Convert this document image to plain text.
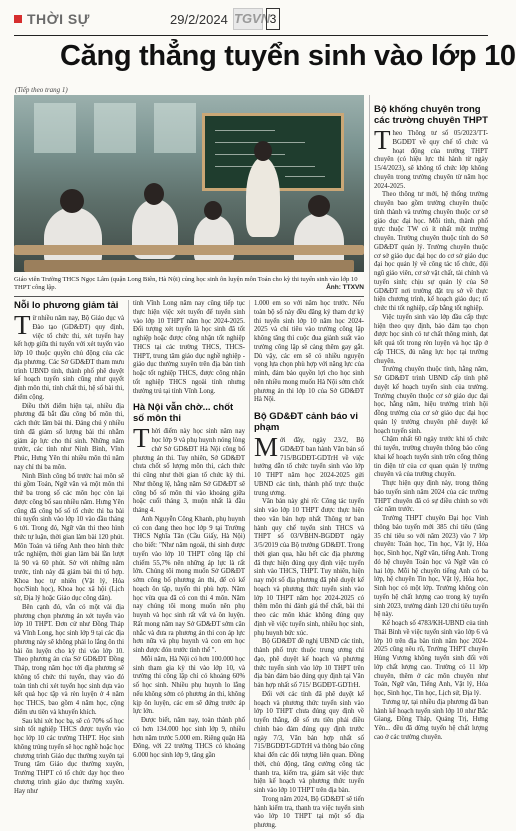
THỜI SỰ	29/2/2024 TGVN 3
Căng thẳng tuyển sinh vào lớp 10
(Tiếp theo trang 1)
Giáo viên Trường THCS Ngọc Lâm (quận Long Biên, Hà Nội) củng học sinh ôn luyện môn Toán cho kỳ thi tuyển sinh vào lớp 10 THPT công lập.	Ảnh: TTXVN
Nỗi lo phương giảm tải

Từ nhiều năm nay, Bộ Giáo dục và Đào tạo (GD&ĐT) quy định, việc tổ chức thi, xét tuyển hay kết hợp giữa thi tuyển với xét tuyển vào lớp 10 thuộc quyền chủ động của các địa phương. Các Sở GD&ĐT tham mưu trình UBND tỉnh, thành phố phê duyệt kế hoạch tuyển sinh cũng như quyết định môn thi, tính chất thi, hệ số bài thi, điểm cộng.

Điều thời điểm hiện tại, nhiều địa phương đã bắt đầu công bố môn thi, cách thức lâm bài thi. Đáng chú ý nhiều tỉnh đã giảm số lượng bài thi nhằm giảm áp lực cho thí sinh. Những năm trước, các tỉnh như Ninh Bình, Vĩnh Phúc, Hưng Yên thi nhiều môn thì năm nay chỉ thi ba môn.

Ninh Bình công bố trước hai môn sẽ thi gồm Toán, Ngữ văn và một môn thi thứ ba trong số các môn học còn lại được công bố sau nhiều năm. Hưng Yên cũng đã công bố số tổ chức thi ba bài thi tuyển sinh vào lớp 10 vào đầu tháng 6 tới. Trong đó, Ngữ văn thi theo hình thức tự luận, thời gian làm bài 120 phút. Môn Toán và tiếng Anh theo hình thức trắc nghiệm, thời gian làm bài lần lượt là 90 và 60 phút. Sở với những năm trước, tỉnh này đã giảm bài thi tổ hợp. Khoa học tự nhiên (Vật lý, Hóa học/Sinh học), Khoa học xã hội (Lịch sử, Địa lý hoặc Giáo dục công dân).

Bên cạnh đó, vẫn có một vài địa phương chọn phương án xét tuyển vào lớp 10 THPT. Đơn cử như Đồng Tháp và Vĩnh Long, học sinh lớp 9 tại các địa phương này sẽ không phải lo lắng ôn thi bài ôn luyện cho kỳ thi vào lớp 10. Theo phương án của Sở GD&ĐT Đồng Tháp, trong năm học tới địa phương sẽ không tổ chức thi tuyển, thay vào đó toàn tỉnh chỉ xét tuyển học sinh dựa vào kết quả học tập và rèn luyện ở 4 năm học THCS, bao gồm 4 năm học, cộng điểm ưu tiên và khuyến khích.

Sau khi xét học bạ, sẽ có 70% số học sinh tốt nghiệp THCS được tuyển vào học lớp 10 các trường THPT. Học sinh không trúng tuyển sẽ học nghề hoặc học chương trình Giáo dục thường xuyên tại Trung tâm Giáo dục thường xuyên, Trường THPT có tổ chức dạy học theo chương trình giáo dục thường xuyên. Hay như

tỉnh Vĩnh Long năm nay cũng tiếp tục thực hiện việc xét tuyển để tuyển sinh vào lớp 10 THPT năm học 2024-2025. Đối tượng xét tuyển là học sinh đã tốt nghiệp hoặc được công nhận tốt nghiệp THCS tại các trường THCS, THCS-THPT, trung tâm giáo dục nghề nghiệp - giáo dục thường xuyên trên địa bàn tỉnh hoặc tốt nghiệp THCS, được công nhận tốt nghiệp THCS ngoài tỉnh nhưng thường trú tại tỉnh Vĩnh Long.

Hà Nội vẫn chờ... chốt số môn thi

Thời điểm này học sinh năm nay học lớp 9 và phụ huynh nóng lòng chờ Sở GD&ĐT Hà Nội công bố phương án thi. Tuy nhiên, Sở GD&ĐT chưa chốt số lượng môn thi, cách thức thi cũng như thời gian tổ chức kỳ thi. Như thông lệ, hằng năm Sở GD&ĐT sẽ công bố số môn thi vào khoảng giữa hoặc cuối tháng 3, muộn nhất là đầu tháng 4.

Anh Nguyễn Công Khanh, phụ huynh có con đang theo học lớp 9 tại Trường THCS Nghĩa Tân (Cầu Giấy, Hà Nội) cho biết: "Như năm ngoái, thi sinh được tuyển vào lớp 10 THPT công lập chỉ chiếm 55,7% nên những áp lực là rất lớn. Chúng tôi mong muốn Sở GD&ĐT sớm công bố phương án thi, để có kế hoạch ôn tập, tuyển thi phù hợp. Năm học vừa qua đã có con thi 4 môn. Năm nay chúng tôi mong muốn nên phụ huynh và học sinh rất vất vả ôn luyện. Rất mong năm nay Sở GD&ĐT sớm cân nhắc và đưa ra phương án thi con áp lực hơn nữa và phụ huynh và con em học sinh được đón trước tình thế ".

Mỗi năm, Hà Nội có hơn 100.000 học sinh tham gia kỳ thi vào lớp 10, và trường thi công lập chỉ có khoảng 60% số học sinh. Nhiều phụ huynh lo lắng nếu không sớm có phương án thi, không kịp ôn luyện, các em sẽ đứng trước áp lực lớn.

Được biết, năm nay, toàn thành phố có hơn 134.000 học sinh lớp 9, nhiều hơn năm trước 5.000 em. Riêng quận Hà Đông, với 22 trường THCS có khoảng 6.000 học sinh lớp 9, tăng gần

1.000 em so với năm học trước. Nếu toàn bộ số này đều đăng ký tham dự kỳ thi tuyển sinh lớp 10 năm học 2024-2025 và chỉ tiêu vào trường công lập không tăng thì cuộc đua giành suất vào trường công lập sẽ càng thêm gay gắt. Dù vậy, các em sẽ có nhiều nguyện vọng lựa chọn phù hợp với năng lực của mình, đảm bảo quyền lợi cho học sinh nên nhiều mong muốn Hà Nội sớm chốt phương án thi lớp 10 của Sở GD&ĐT Hà Nội.

Bộ GD&ĐT cảnh báo vi phạm

Mới đây, ngày 23/2, Bộ GD&ĐT ban hành Văn bản số 715/BGDĐT-GDTrH về việc hướng dẫn tổ chức tuyển sinh vào lớp 10 THPT năm học 2024-2025 gửi UBND các tỉnh, thành phố trực thuộc trung ương.

Văn bản này ghi rõ: Công tác tuyển sinh vào lớp 10 THPT được thực hiện theo văn bản hợp nhất Thông tư ban hành quy chế tuyển sinh THCS và THPT số 03/VBHN-BGDĐT ngày 3/5/2019 của Bộ trưởng GD&ĐT. Trong thời gian qua, hầu hết các địa phương đã thực hiện đúng quy định việc tuyển sinh vào THCS, THPT. Tuy nhiên, hiện nay một số địa phương đã phê duyệt kế hoạch và phương thức tuyển sinh vào lớp 10 THPT năm học 2024-2025 có thêm môn thi đánh giá thể chất, bài thi theo các môn khác không đúng quy định về việc tuyển sinh, nhiều học sinh, phụ huynh bức xúc.

Bộ GD&ĐT đề nghị UBND các tỉnh, thành phố trực thuộc trung ương chỉ đạo, phê duyệt kế hoạch và phương thức tuyển sinh vào lớp 10 THPT trên địa bàn đảm bảo đúng quy định tại Văn bản hợp nhất số 715/ BGDĐT-GDTrH.

Đối với các tỉnh đã phê duyệt kế hoạch và phương thức tuyển sinh vào lớp 10 THPT chưa đúng quy định về tuyển thẳng, đề số ưu tiên phải điều chỉnh bảo đảm đúng quy định trước ngày 7/3, Văn bản hợp nhất số 715/BGDĐT-GDTrH và thông báo công khai đến các đối tượng liên quan. Đồng thời, chủ động, tăng cường công tác thanh tra, kiểm tra, giám sát việc thực hiện kế hoạch và phương thức tuyển sinh vào lớp 10 THPT trên địa bàn.

Trong năm 2024, Bộ GD&ĐT sẽ tiến hành kiểm tra, thanh tra việc tuyển sinh vào lớp 10 THPT tại một số địa phương.

Bộ khống chuyên trong các trường chuyên THPT

Theo Thông tư số 05/2023/TT-BGDĐT về quy chế tổ chức và hoạt động của trường THPT chuyên (có hiệu lực thi hành từ ngày 15/4/2023), sẽ không tổ chức lớp không chuyên trong trường chuyên từ năm học 2024-2025.

Theo thông tư mới, hệ thống trường chuyên bao gồm trường chuyên thuộc tỉnh thành và trường chuyên thuộc cơ sở giáo dục đại học. Mỗi tỉnh, thành phố trực thuộc TW có ít nhất một trường chuyên. Trường chuyên thuộc tỉnh do Sở GD&ĐT quản lý. Trường chuyên thuộc cơ sở giáo dục đại học do cơ sở giáo dục đại học quản lý về công tác tổ chức, đội ngũ giáo viên, cơ sở vật chất, tài chính và tuyển sinh; chịu sự quản lý của Sở GD&ĐT nơi trường đặt trụ sở về thực hiện chương trình, kế hoạch giáo dục; tổ chức thi tốt nghiệp, cấp bằng tốt nghiệp.

Việc tuyển sinh vào lớp đầu cấp thực hiện theo quy định, bảo đảm tạo chọn được học sinh có tư chất thông minh, đạt kết quả tốt trong rèn luyện và học tập ở cấp THCS, đủ năng lực học tại trường chuyên.

Trường chuyên thuộc tỉnh, hằng năm, Sở GD&ĐT trình UBND cấp tỉnh phê duyệt kế hoạch tuyển sinh của trường. Trường chuyên thuộc cơ sở giáo dục đại học, hằng năm, hiệu trưởng trình hội đồng trường của cơ sở giáo dục đại học quản lý trường chuyên phê duyệt kế hoạch tuyển sinh.

Chậm nhất 60 ngày trước khi tổ chức thi tuyển, trường chuyên thông báo công khai kế hoạch tuyển sinh trên cổng thông tin điện tử của cơ quan quản lý trường chuyên và của trường chuyên.

Thực hiện quy định này, trong thông báo tuyển sinh năm 2024 của các trường THPT chuyên đã có sự điều chỉnh so với các năm trước.

Trường THPT chuyên Đại học Vinh thông báo tuyển mới 385 chỉ tiêu (tăng 35 chỉ tiêu so với năm 2023) vào 7 lớp chuyên: Toán học, Tin học, Vật lý, Hóa học, Sinh học, Ngữ văn, tiếng Anh. Trong đó hệ chuyên Toán học và Ngữ văn có hai lớp. Mỗi hệ chuyên tiếng Anh có ba lớp, hệ chuyên Tin học, Vật lý, Hóa học, Sinh học có một lớp. Trường không còn tuyển hệ chất lượng cao trong kỳ tuyển sinh 2023, trường dành 120 chỉ tiêu tuyển hệ này.

Kế hoạch số 4783/KH-UBND của tỉnh Thái Bình về việc tuyển sinh vào lớp 6 và lớp 10 trên địa bàn tỉnh năm học 2024-2025 cũng nêu rõ, Trường THPT chuyên Hùng Vương không tuyển sinh đối với lớp chất lượng cao. Trường có 11 lớp chuyên, thêm ở các môn chuyên như Toán, Ngữ văn, Tiếng Anh, Vật lý, Hóa học, Sinh học, Tin học, Lịch sử, Địa lý.

Tương tự, tại nhiều địa phương đã ban hành kế hoạch tuyển sinh lớp 10 như Bắc Giang, Đồng Tháp, Quảng Trị, Hưng Yên... đều đã dừng tuyển hệ chất lượng cao ở các trường chuyên.
